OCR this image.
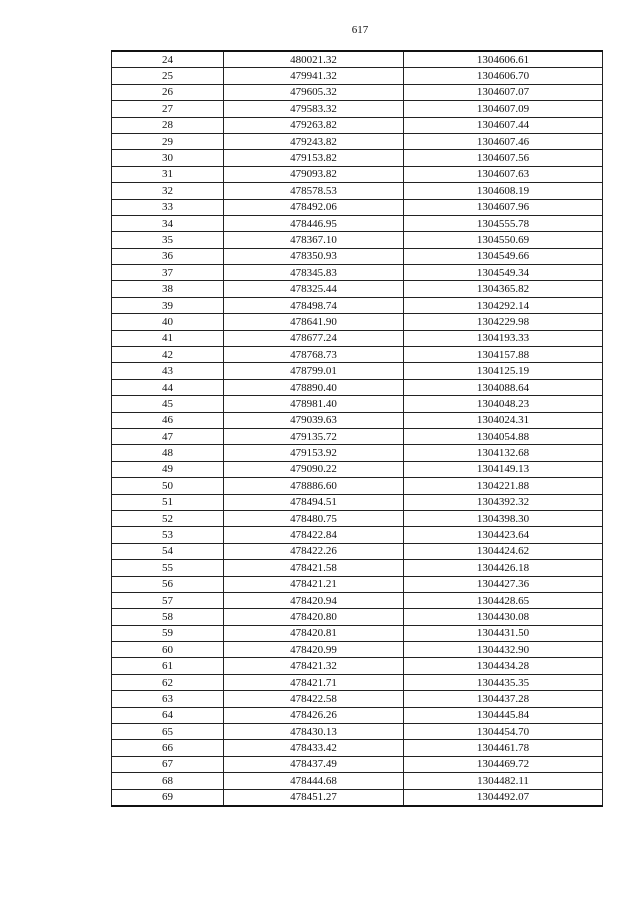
617
24	480021.32	1304606.61
25	479941.32	1304606.70
26	479605.32	1304607.07
27	479583.32	1304607.09
28	479263.82	1304607.44
29	479243.82	1304607.46
30	479153.82	1304607.56
31	479093.82	1304607.63
32	478578.53	1304608.19
33	478492.06	1304607.96
34	478446.95	1304555.78
35	478367.10	1304550.69
36	478350.93	1304549.66
37	478345.83	1304549.34
38	478325.44	1304365.82
39	478498.74	1304292.14
40	478641.90	1304229.98
41	478677.24	1304193.33
42	478768.73	1304157.88
43	478799.01	1304125.19
44	478890.40	1304088.64
45	478981.40	1304048.23
46	479039.63	1304024.31
47	479135.72	1304054.88
48	479153.92	1304132.68
49	479090.22	1304149.13
50	478886.60	1304221.88
51	478494.51	1304392.32
52	478480.75	1304398.30
53	478422.84	1304423.64
54	478422.26	1304424.62
55	478421.58	1304426.18
56	478421.21	1304427.36
57	478420.94	1304428.65
58	478420.80	1304430.08
59	478420.81	1304431.50
60	478420.99	1304432.90
61	478421.32	1304434.28
62	478421.71	1304435.35
63	478422.58	1304437.28
64	478426.26	1304445.84
65	478430.13	1304454.70
66	478433.42	1304461.78
67	478437.49	1304469.72
68	478444.68	1304482.11
69	478451.27	1304492.07
